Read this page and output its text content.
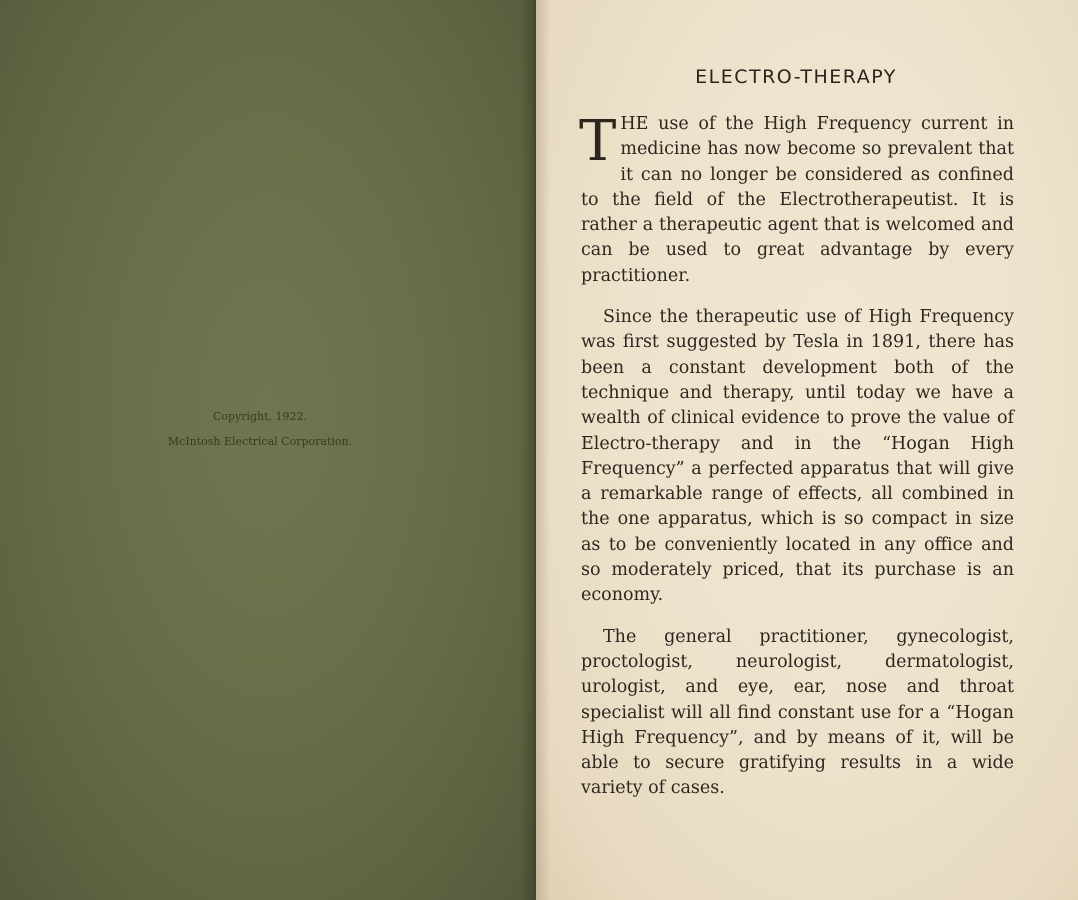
Copyright, 1922.
McIntosh Electrical Corporation.
ELECTRO-THERAPY

THE use of the High Frequency current in medicine has now become so prevalent that it can no longer be considered as confined to the field of the Electrotherapeutist. It is rather a therapeutic agent that is welcomed and can be used to great advantage by every practitioner.

Since the therapeutic use of High Frequency was first suggested by Tesla in 1891, there has been a constant development both of the technique and therapy, until today we have a wealth of clinical evidence to prove the value of Electro-therapy and in the “Hogan High Frequency” a perfected apparatus that will give a remarkable range of effects, all combined in the one apparatus, which is so compact in size as to be conveniently located in any office and so moderately priced, that its purchase is an economy.

The general practitioner, gynecologist, proctologist, neurologist, dermatologist, urologist, and eye, ear, nose and throat specialist will all find constant use for a “Hogan High Frequency”, and by means of it, will be able to secure gratifying results in a wide variety of cases.
